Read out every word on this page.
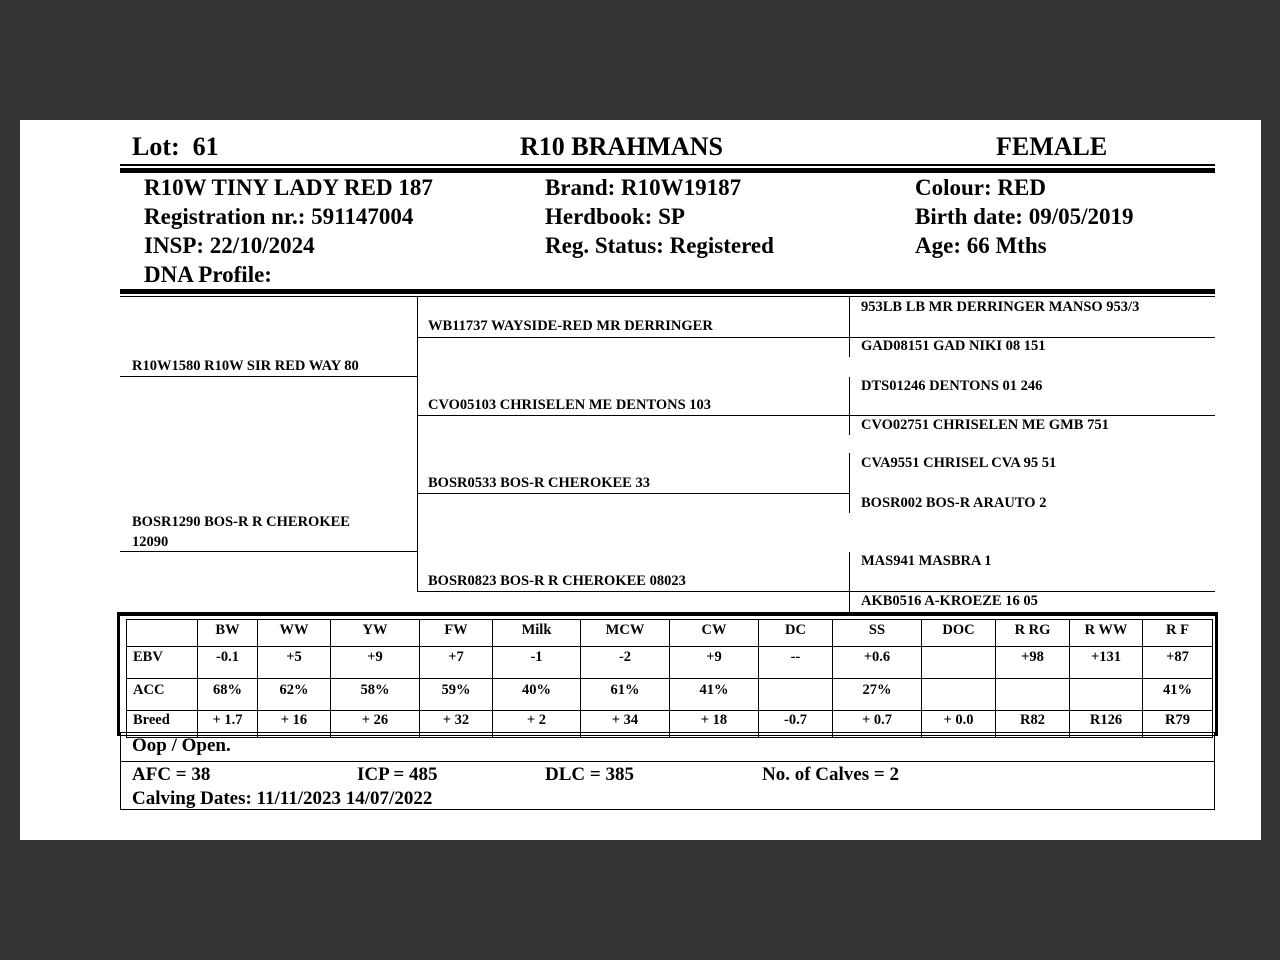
Lot: 61	R10 BRAHMANS	FEMALE
R10W TINY LADY RED 187
Registration nr.: 591147004
INSP: 22/10/2024
DNA Profile:
Brand: R10W19187
Herdbook: SP
Reg. Status: Registered
Colour: RED
Birth date: 09/05/2019
Age: 66 Mths
R10W1580 R10W SIR RED WAY 80
BOSR1290 BOS-R R CHEROKEE
12090
WB11737 WAYSIDE-RED MR DERRINGER
CVO05103 CHRISELEN ME DENTONS 103
BOSR0533 BOS-R CHEROKEE 33
BOSR0823 BOS-R R CHEROKEE 08023
953LB LB MR DERRINGER MANSO 953/3
GAD08151 GAD NIKI 08 151
DTS01246 DENTONS 01 246
CVO02751 CHRISELEN ME GMB 751
CVA9551 CHRISEL CVA 95 51
BOSR002 BOS-R ARAUTO 2
MAS941 MASBRA 1
AKB0516 A-KROEZE 16 05
	BW	WW	YW	FW	Milk	MCW	CW	DC	SS	DOC	R RG	R WW	R F
EBV	-0.1	+5	+9	+7	-1	-2	+9	--	+0.6		+98	+131	+87
ACC	68%	62%	58%	59%	40%	61%	41%		27%				41%
Breed	+ 1.7	+ 16	+ 26	+ 32	+ 2	+ 34	+ 18	-0.7	+ 0.7	+ 0.0	R82	R126	R79
Oop / Open.
AFC = 38	ICP = 485	DLC = 385	No. of Calves = 2
Calving Dates: 11/11/2023 14/07/2022
